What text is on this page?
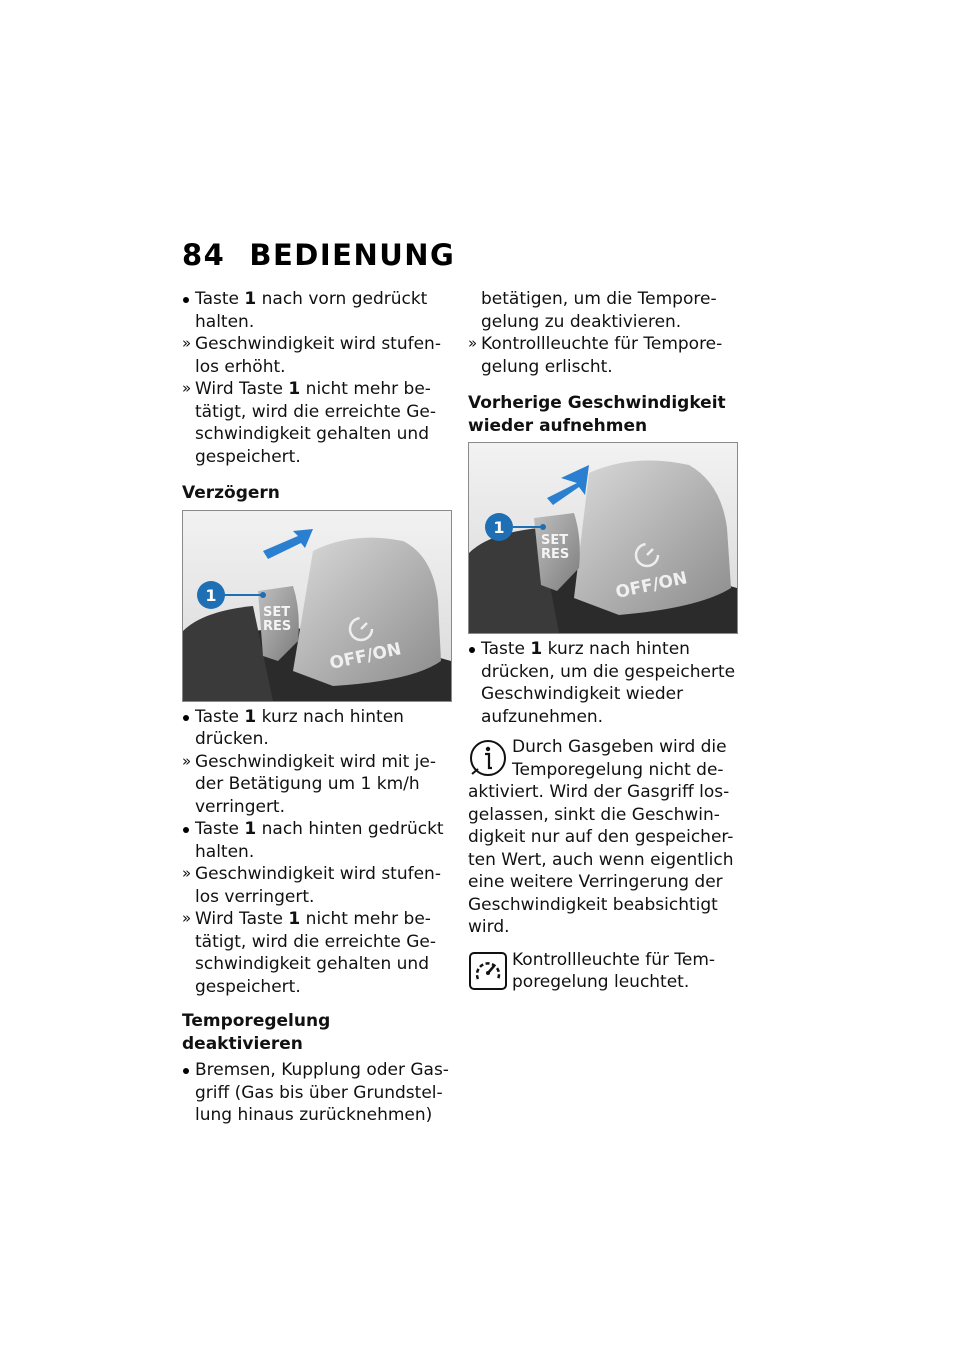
84 BEDIENUNG
Taste 1 nach vorn gedrückt
halten.
» Geschwindigkeit wird stufen-
los erhöht.
» Wird Taste 1 nicht mehr be-
tätigt, wird die erreichte Ge-
schwindigkeit gehalten und
gespeichert.
Verzögern
SET
RES
OFF/ON
1
Taste 1 kurz nach hinten
drücken.
» Geschwindigkeit wird mit je-
der Betätigung um 1 km/h
verringert.
Taste 1 nach hinten gedrückt
halten.
» Geschwindigkeit wird stufen-
los verringert.
» Wird Taste 1 nicht mehr be-
tätigt, wird die erreichte Ge-
schwindigkeit gehalten und
gespeichert.
Temporegelung deaktivieren
Bremsen, Kupplung oder Gas-
griff (Gas bis über Grundstel-
lung hinaus zurücknehmen)
betätigen, um die Tempore-
gelung zu deaktivieren.
» Kontrollleuchte für Tempore-
gelung erlischt.
Vorherige Geschwindigkeit
wieder aufnehmen
SET
RES
OFF/ON
1
Taste 1 kurz nach hinten
drücken, um die gespeicherte
Geschwindigkeit wieder
aufzunehmen.
Durch Gasgeben wird die
Temporegelung nicht de-
aktiviert. Wird der Gasgriff los-
gelassen, sinkt die Geschwin-
digkeit nur auf den gespeicher-
ten Wert, auch wenn eigentlich
eine weitere Verringerung der
Geschwindigkeit beabsichtigt
wird.
Kontrollleuchte für Tem-
poregelung leuchtet.
